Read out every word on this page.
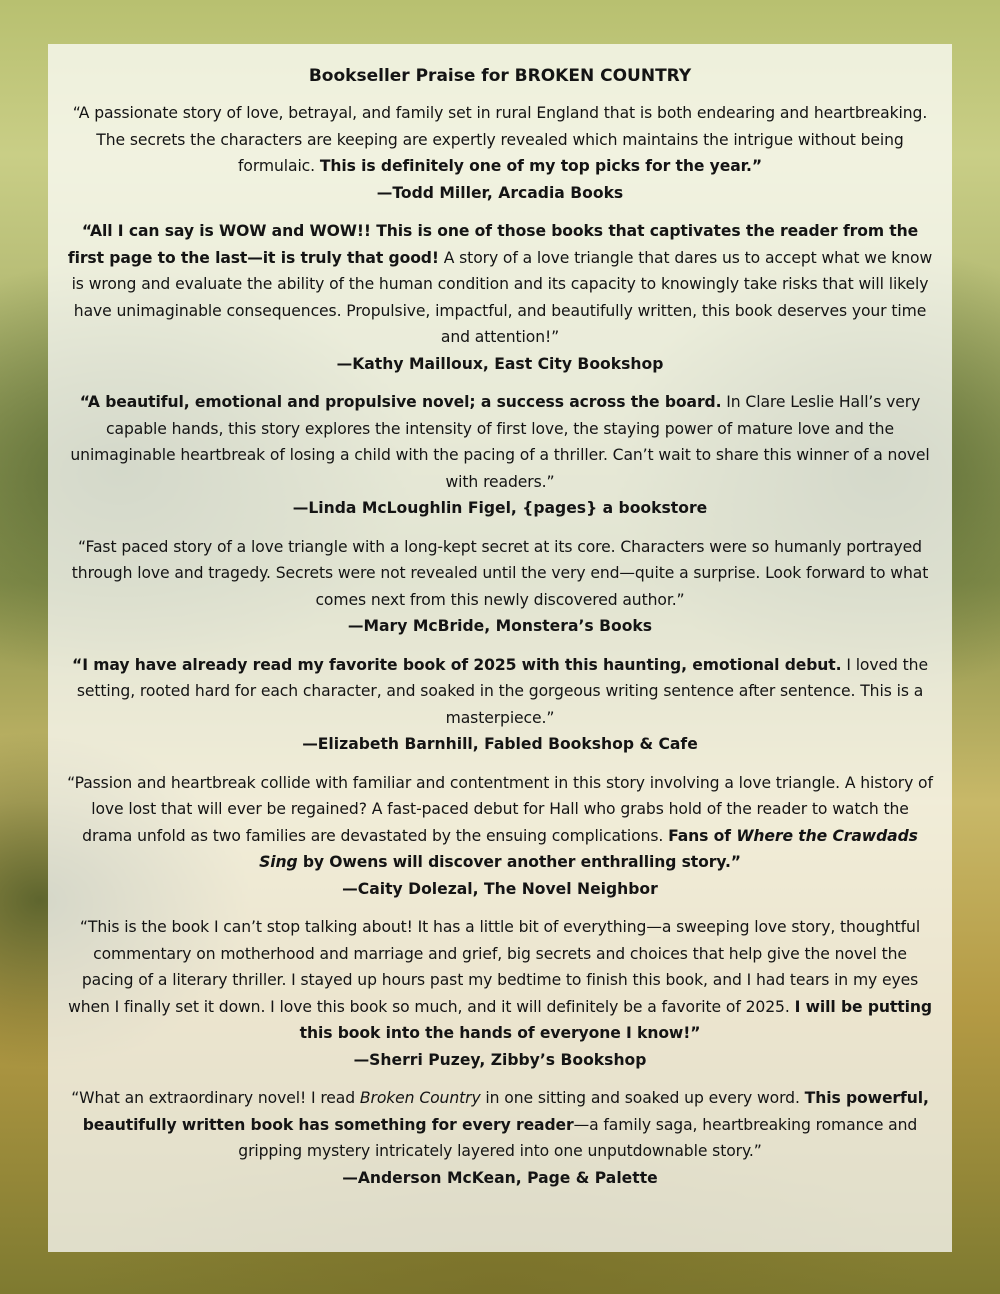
Bookseller Praise for BROKEN COUNTRY

“A passionate story of love, betrayal, and family set in rural England that is both endearing and heartbreaking. The secrets the characters are keeping are expertly revealed which maintains the intrigue without being formulaic. This is definitely one of my top picks for the year.”

—Todd Miller, Arcadia Books

“All I can say is WOW and WOW!! This is one of those books that captivates the reader from the first page to the last—it is truly that good! A story of a love triangle that dares us to accept what we know is wrong and evaluate the ability of the human condition and its capacity to knowingly take risks that will likely have unimaginable consequences. Propulsive, impactful, and beautifully written, this book deserves your time and attention!”

—Kathy Mailloux, East City Bookshop

“A beautiful, emotional and propulsive novel; a success across the board. In Clare Leslie Hall’s very capable hands, this story explores the intensity of first love, the staying power of mature love and the unimaginable heartbreak of losing a child with the pacing of a thriller. Can’t wait to share this winner of a novel with readers.”

—Linda McLoughlin Figel, {pages} a bookstore

“Fast paced story of a love triangle with a long-kept secret at its core. Characters were so humanly portrayed through love and tragedy. Secrets were not revealed until the very end—quite a surprise. Look forward to what comes next from this newly discovered author.”

—Mary McBride, Monstera’s Books

“I may have already read my favorite book of 2025 with this haunting, emotional debut. I loved the setting, rooted hard for each character, and soaked in the gorgeous writing sentence after sentence. This is a masterpiece.”

—Elizabeth Barnhill, Fabled Bookshop & Cafe

“Passion and heartbreak collide with familiar and contentment in this story involving a love triangle. A history of love lost that will ever be regained? A fast-paced debut for Hall who grabs hold of the reader to watch the drama unfold as two families are devastated by the ensuing complications. Fans of Where the Crawdads Sing by Owens will discover another enthralling story.”

—Caity Dolezal, The Novel Neighbor

“This is the book I can’t stop talking about! It has a little bit of everything—a sweeping love story, thoughtful commentary on motherhood and marriage and grief, big secrets and choices that help give the novel the pacing of a literary thriller. I stayed up hours past my bedtime to finish this book, and I had tears in my eyes when I finally set it down. I love this book so much, and it will definitely be a favorite of 2025. I will be putting this book into the hands of everyone I know!”

—Sherri Puzey, Zibby’s Bookshop

“What an extraordinary novel! I read Broken Country in one sitting and soaked up every word. This powerful, beautifully written book has something for every reader—a family saga, heartbreaking romance and gripping mystery intricately layered into one unputdownable story.”

—Anderson McKean, Page & Palette
